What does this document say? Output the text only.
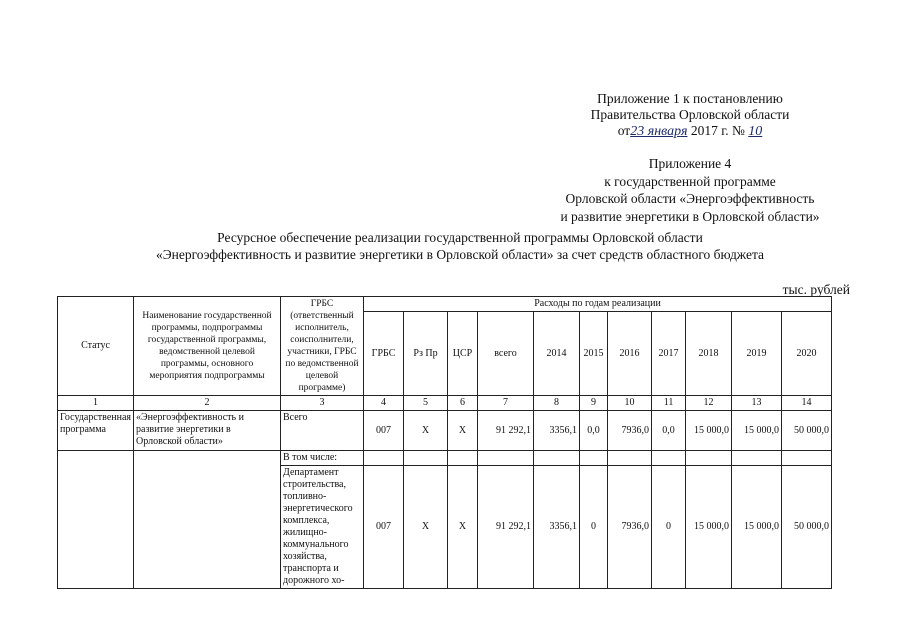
Приложение 1 к постановлению
Правительства Орловской области
от23 января 2017 г. № 10
Приложение 4
к государственной программе
Орловской области «Энергоэффективность
и развитие энергетики в Орловской области»
Ресурсное обеспечение реализации государственной программы Орловской области
«Энергоэффективность и развитие энергетики в Орловской области» за счет средств областного бюджета
тыс. рублей
Статус	Наименование государственной программы, подпрограммы государственной программы, ведомственной целевой программы, основного мероприятия подпрограммы	ГРБС (ответственный исполнитель, соисполнители, участники, ГРБС по ведомственной целевой программе)	Расходы по годам реализации										
			ГРБС	Рз Пр	ЦСР	всего	2014	2015	2016	2017	2018	2019	2020
1	2	3	4	5	6	7	8	9	10	11	12	13	14
Государственная программа	«Энергоэффективность и развитие энергетики в Орловской области»	Всего	007	Х	Х	91 292,1	3356,1	0,0	7936,0	0,0	15 000,0	15 000,0	50 000,0
		В том числе:											
		Департамент строительства, топливно-энергетического комплекса, жилищно-коммунального хозяйства, транспорта и дорожного хо-	007	Х	Х	91 292,1	3356,1	0	7936,0	0	15 000,0	15 000,0	50 000,0
